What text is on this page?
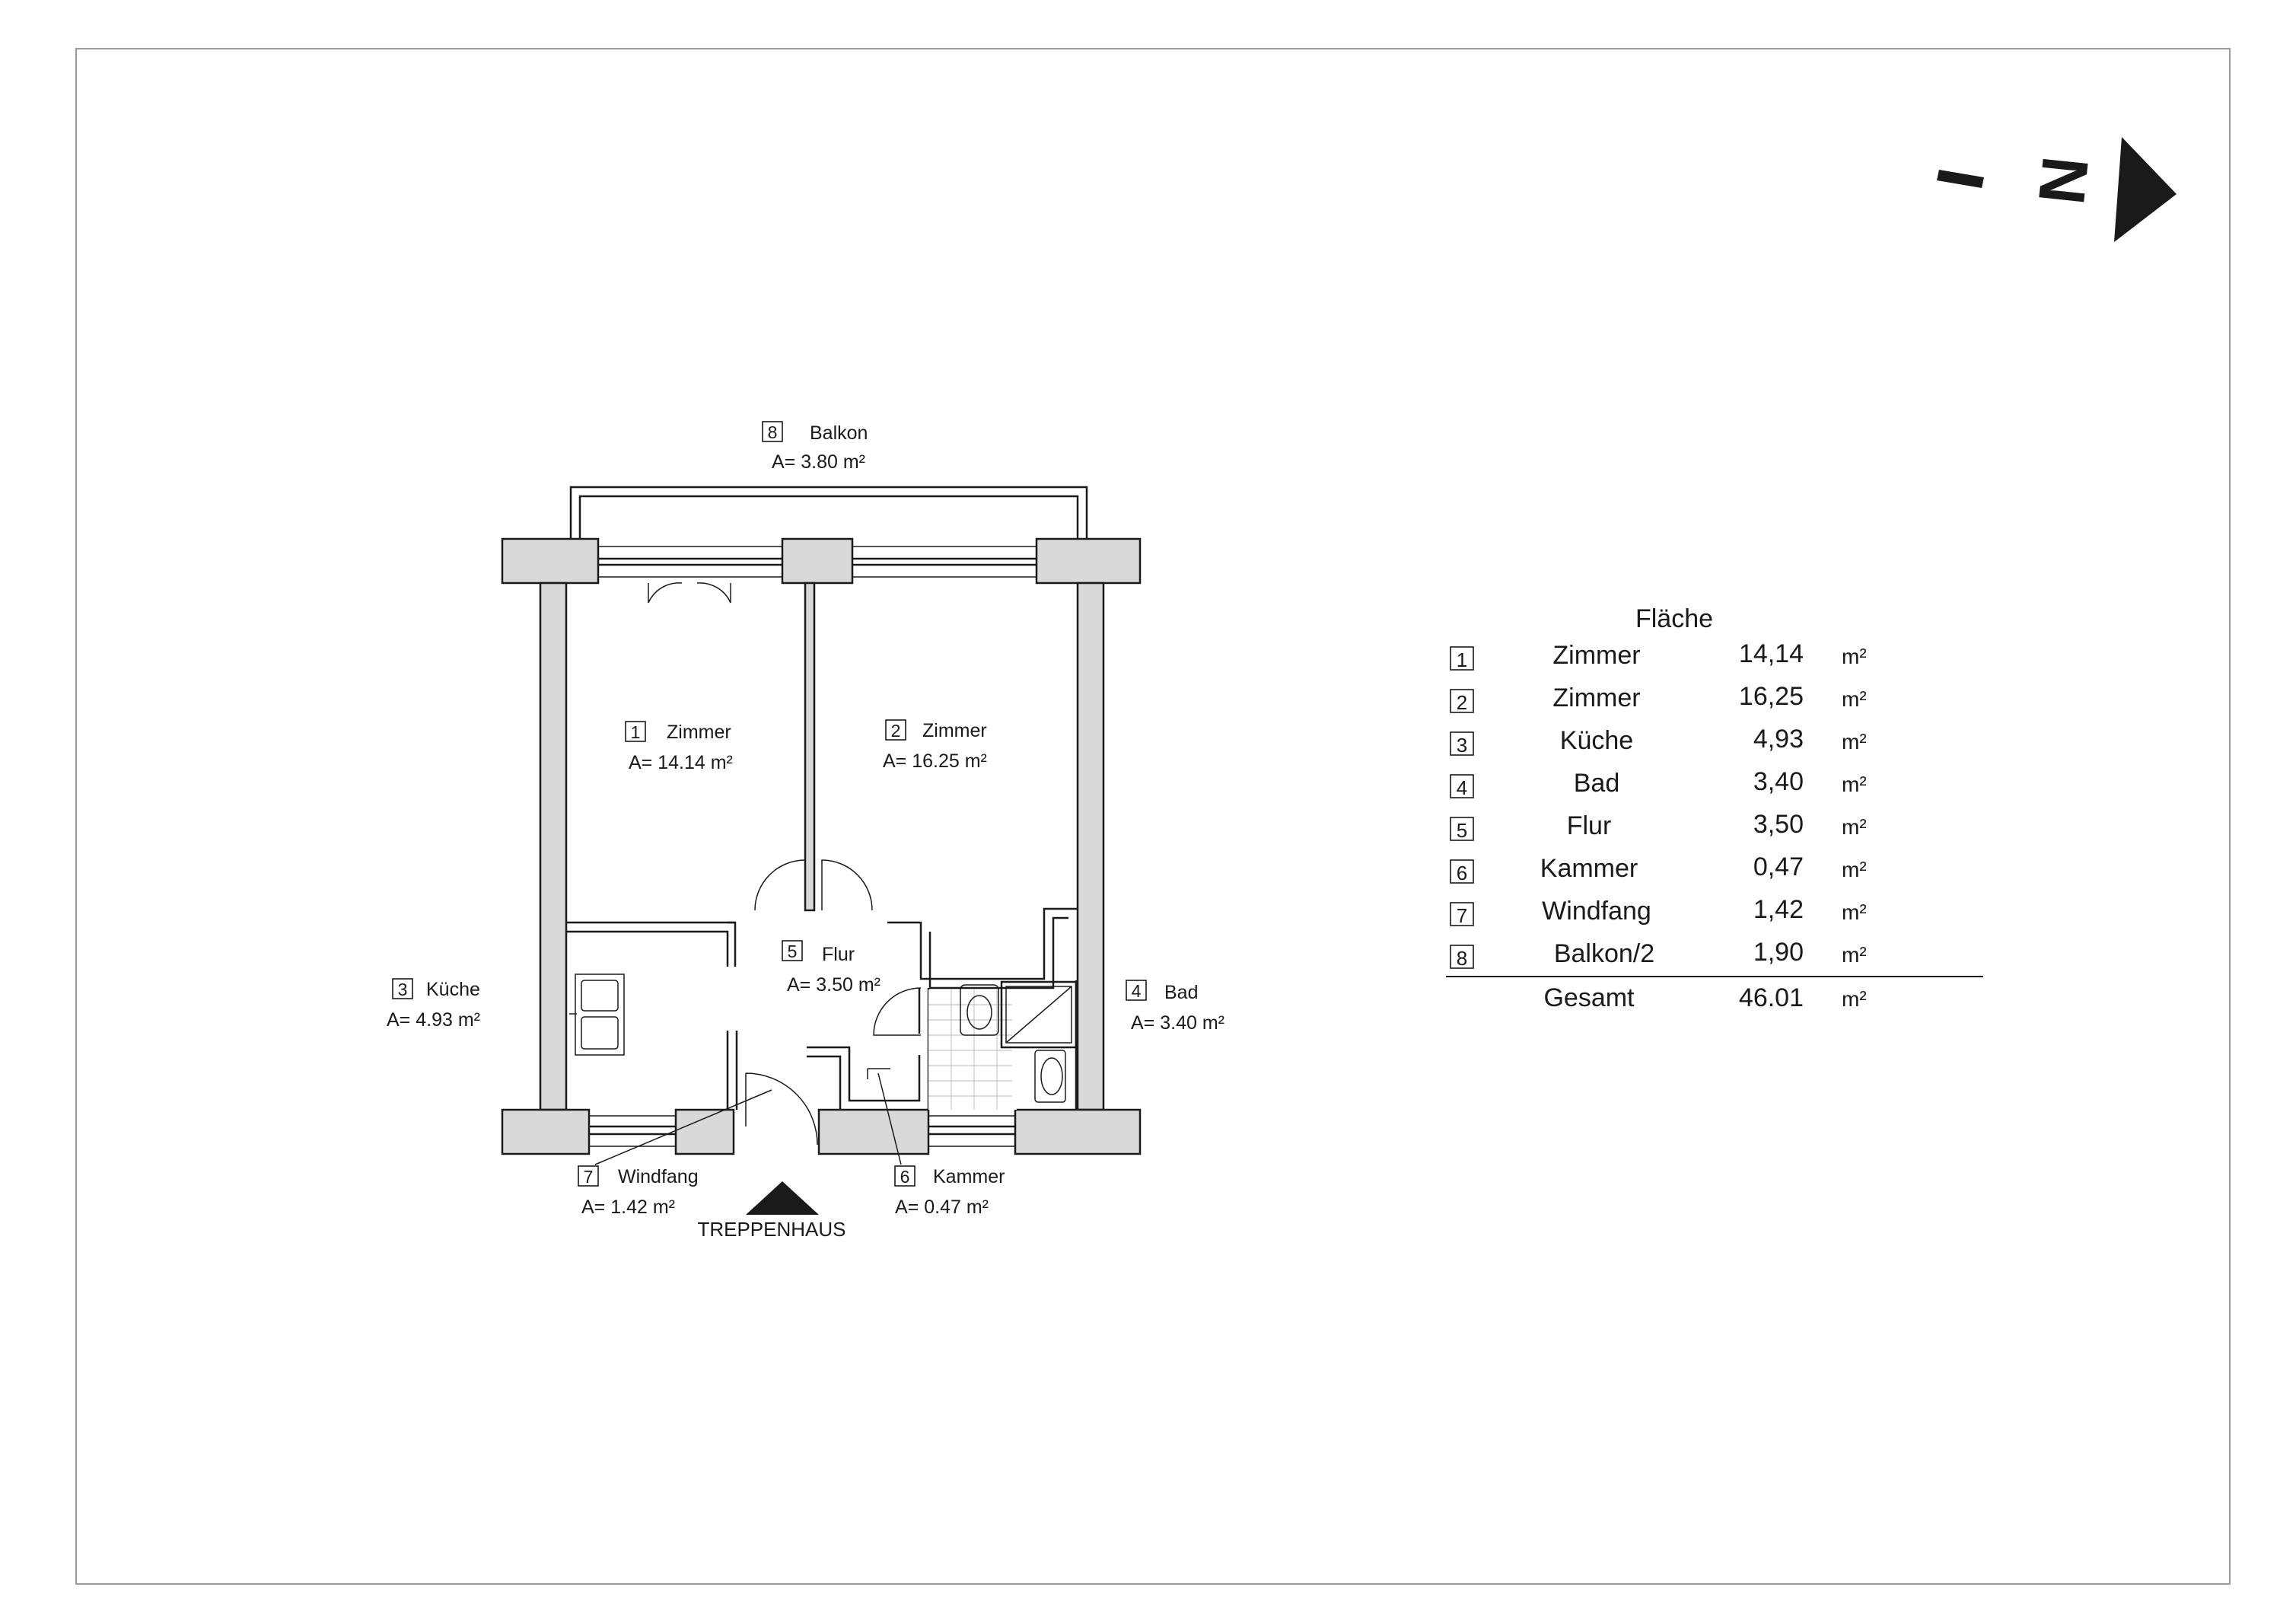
N
8 Balkon
A= 3.80 m²
1 Zimmer
A= 14.14 m²
2 Zimmer
A= 16.25 m²
3 Küche
A= 4.93 m²
4 Bad
A= 3.40 m²
5 Flur
A= 3.50 m²
6 Kammer
A= 0.47 m²
7 Windfang
A= 1.42 m²
TREPPENHAUS
Fläche
1	Zimmer	14,14 m²
2	Zimmer	16,25 m²
3	Küche	4,93 m²
4	Bad	3,40 m²
5	Flur	3,50 m²
6	Kammer	0,47 m²
7	Windfang	1,42 m²
8	Balkon/2	1,90 m²
Gesamt	46.01 m²
